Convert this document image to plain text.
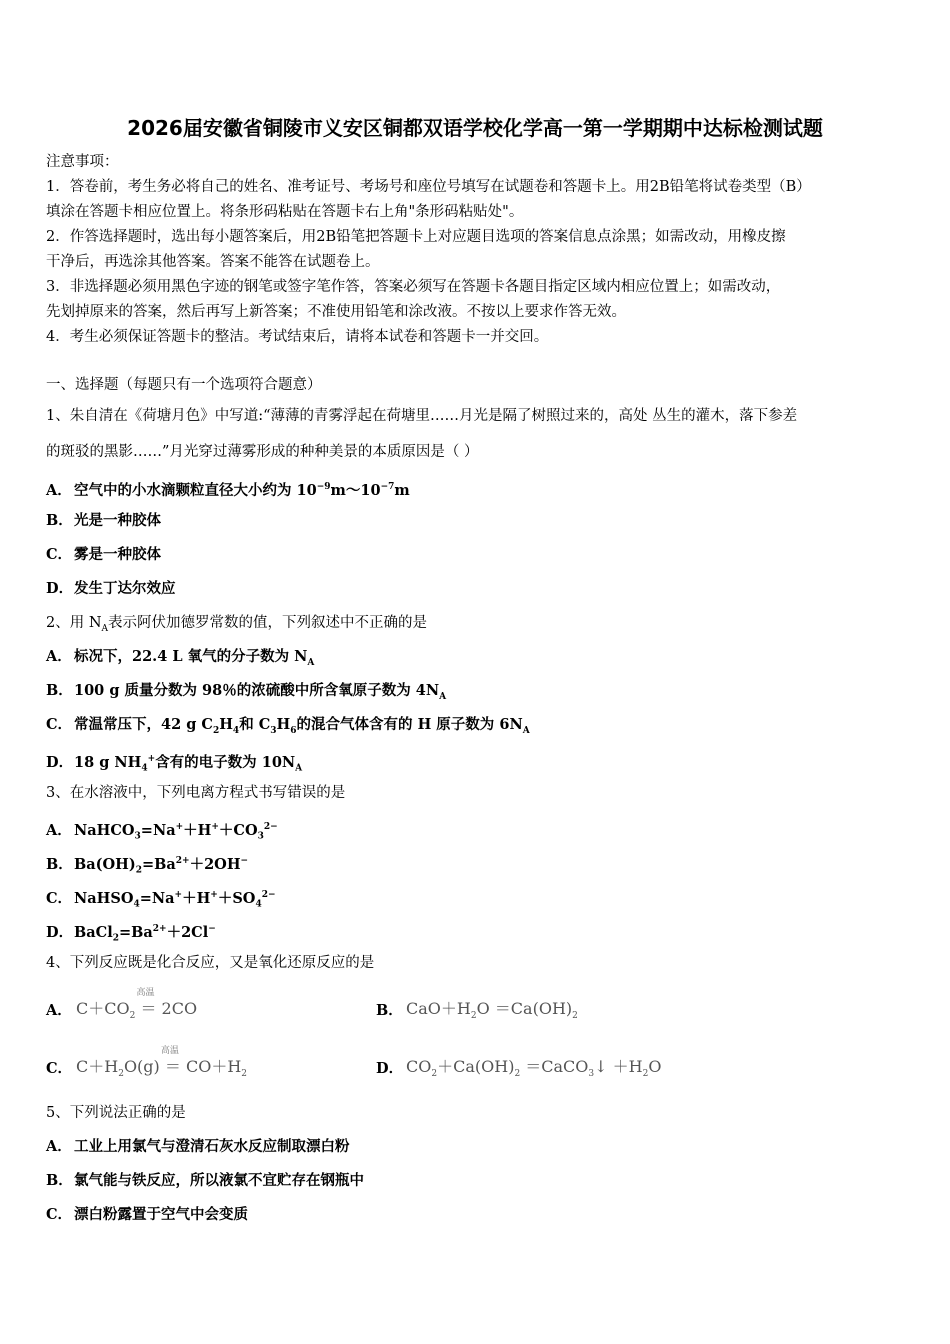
2026届安徽省铜陵市义安区铜都双语学校化学高一第一学期期中达标检测试题
注意事项：
1．答卷前，考生务必将自己的姓名、准考证号、考场号和座位号填写在试题卷和答题卡上。用2B铅笔将试卷类型（B）
填涂在答题卡相应位置上。将条形码粘贴在答题卡右上角"条形码粘贴处"。
2．作答选择题时，选出每小题答案后，用2B铅笔把答题卡上对应题目选项的答案信息点涂黑；如需改动，用橡皮擦
干净后，再选涂其他答案。答案不能答在试题卷上。
3．非选择题必须用黑色字迹的钢笔或签字笔作答，答案必须写在答题卡各题目指定区域内相应位置上；如需改动，
先划掉原来的答案，然后再写上新答案；不准使用铅笔和涂改液。不按以上要求作答无效。
4．考生必须保证答题卡的整洁。考试结束后，请将本试卷和答题卡一并交回。
一、选择题（每题只有一个选项符合题意）
1、朱自清在《荷塘月色》中写道:“薄薄的青雾浮起在荷塘里……月光是隔了树照过来的，高处 丛生的灌木，落下参差
的斑驳的黑影……”月光穿过薄雾形成的种种美景的本质原因是（ ）
A． 空气中的小水滴颗粒直径大小约为 $10^{-9}m\sim 10^{-7}m$
B．光是一种胶体
C． 雾是一种胶体
D．发生丁达尔效应
2、用 $N_A$表示阿伏加德罗常数的值，下列叙述中不正确的是
A． 标况下，22.4 L 氧气的分子数为 $N_A$
B．100 g 质量分数为 98％的浓硫酸中所含氧原子数为 $4N_A$
C． 常温常压下，42 g $C_2H_4$和 $C_3H_6$的混合气体含有的 H 原子数为 $6N_A$
D．18 g $NH_4^+$含有的电子数为 $10N_A$
3、在水溶液中，下列电离方程式书写错误的是
A． $NaHCO_3=Na^++H^++CO_3^{2-}$
B．$Ba(OH)_2=Ba^{2+}+2OH^-$
C． $NaHSO_4=Na^++H^++SO_4^{2-}$
D．$BaCl_2=Ba^{2+}+2Cl^-$
4、下列反应既是化合反应，又是氧化还原反应的是
A． $C+CO_2$
高温
＝ 2CO	B． $CaO+H_2O =Ca(OH)_2$
C． $C+H_2O(g)$
高温
＝ $CO+H_2$	D． $CO_2+Ca(OH)_2$ ＝CaCO$_3$↓ $+H_2O$
5、下列说法正确的是
A． 工业上用氯气与澄清石灰水反应制取漂白粉
B．氯气能与铁反应，所以液氯不宜贮存在钢瓶中
C． 漂白粉露置于空气中会变质
